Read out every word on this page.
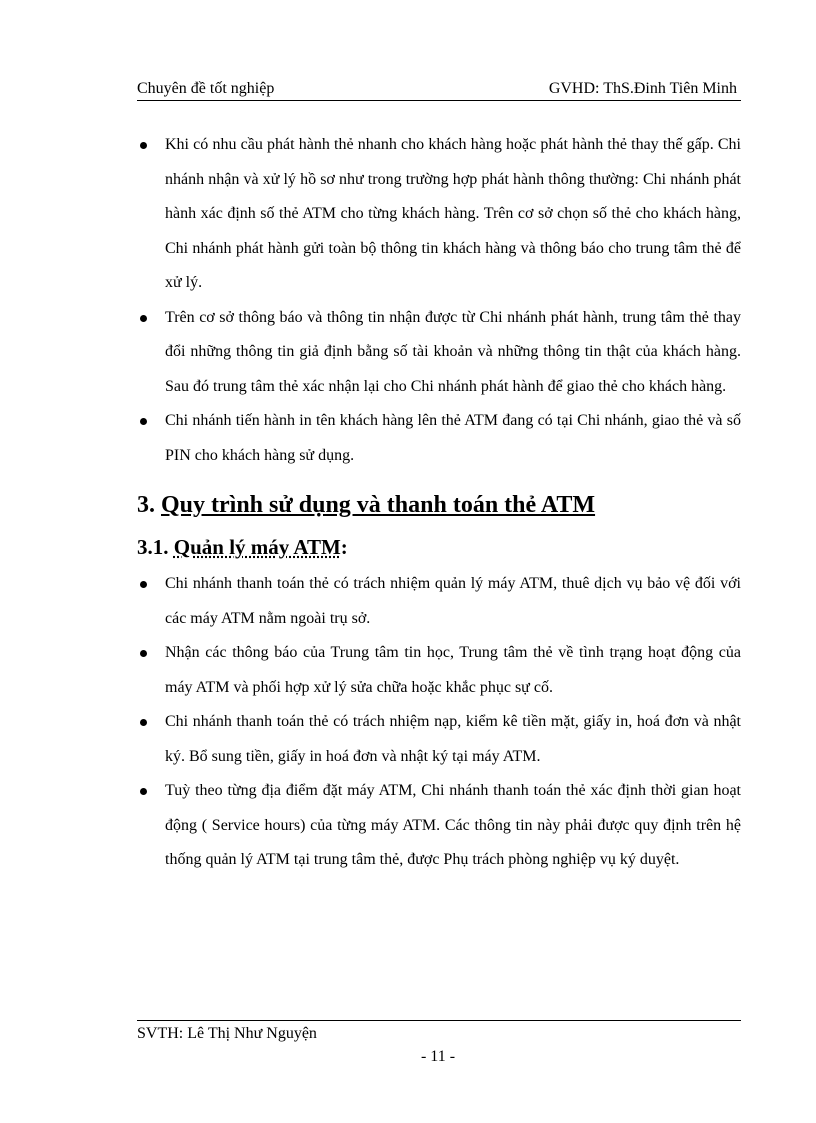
Chuyên đề tốt nghiệp	GVHD: ThS.Đinh Tiên Minh
Khi có nhu cầu phát hành thẻ nhanh cho khách hàng hoặc phát hành thẻ thay thế gấp. Chi nhánh nhận và xử lý hồ sơ như trong trường hợp phát hành thông thường: Chi nhánh phát hành xác định số thẻ ATM cho từng khách hàng. Trên cơ sở chọn số thẻ cho khách hàng, Chi nhánh phát hành gửi toàn bộ thông tin khách hàng và thông báo cho trung tâm thẻ để xử lý.
Trên cơ sở thông báo và thông tin nhận được từ Chi nhánh phát hành, trung tâm thẻ thay đổi những thông tin giả định bằng số tài khoản và những thông tin thật của khách hàng. Sau đó trung tâm thẻ xác nhận lại cho Chi nhánh phát hành để giao thẻ cho khách hàng.
Chi nhánh tiến hành in tên khách hàng lên thẻ ATM đang có tại Chi nhánh, giao thẻ và số PIN cho khách hàng sử dụng.
3. Quy trình sử dụng và thanh toán thẻ ATM
3.1. Quản lý máy ATM:
Chi nhánh thanh toán thẻ có trách nhiệm quản lý máy ATM, thuê dịch vụ bảo vệ đối với các máy ATM nằm ngoài trụ sở.
Nhận các thông báo của Trung tâm tin học, Trung tâm thẻ về tình trạng hoạt động của máy ATM và phối hợp xử lý sửa chữa hoặc khắc phục sự cố.
Chi nhánh thanh toán thẻ có trách nhiệm nạp, kiểm kê tiền mặt, giấy in, hoá đơn và nhật ký. Bổ sung tiền, giấy in hoá đơn và nhật ký tại máy ATM.
Tuỳ theo từng địa điểm đặt máy ATM, Chi nhánh thanh toán thẻ xác định thời gian hoạt động ( Service hours) của từng máy ATM. Các thông tin này phải được quy định trên hệ thống quản lý ATM tại trung tâm thẻ, được Phụ trách phòng nghiệp vụ ký duyệt.
SVTH: Lê Thị Như Nguyện
- 11 -
